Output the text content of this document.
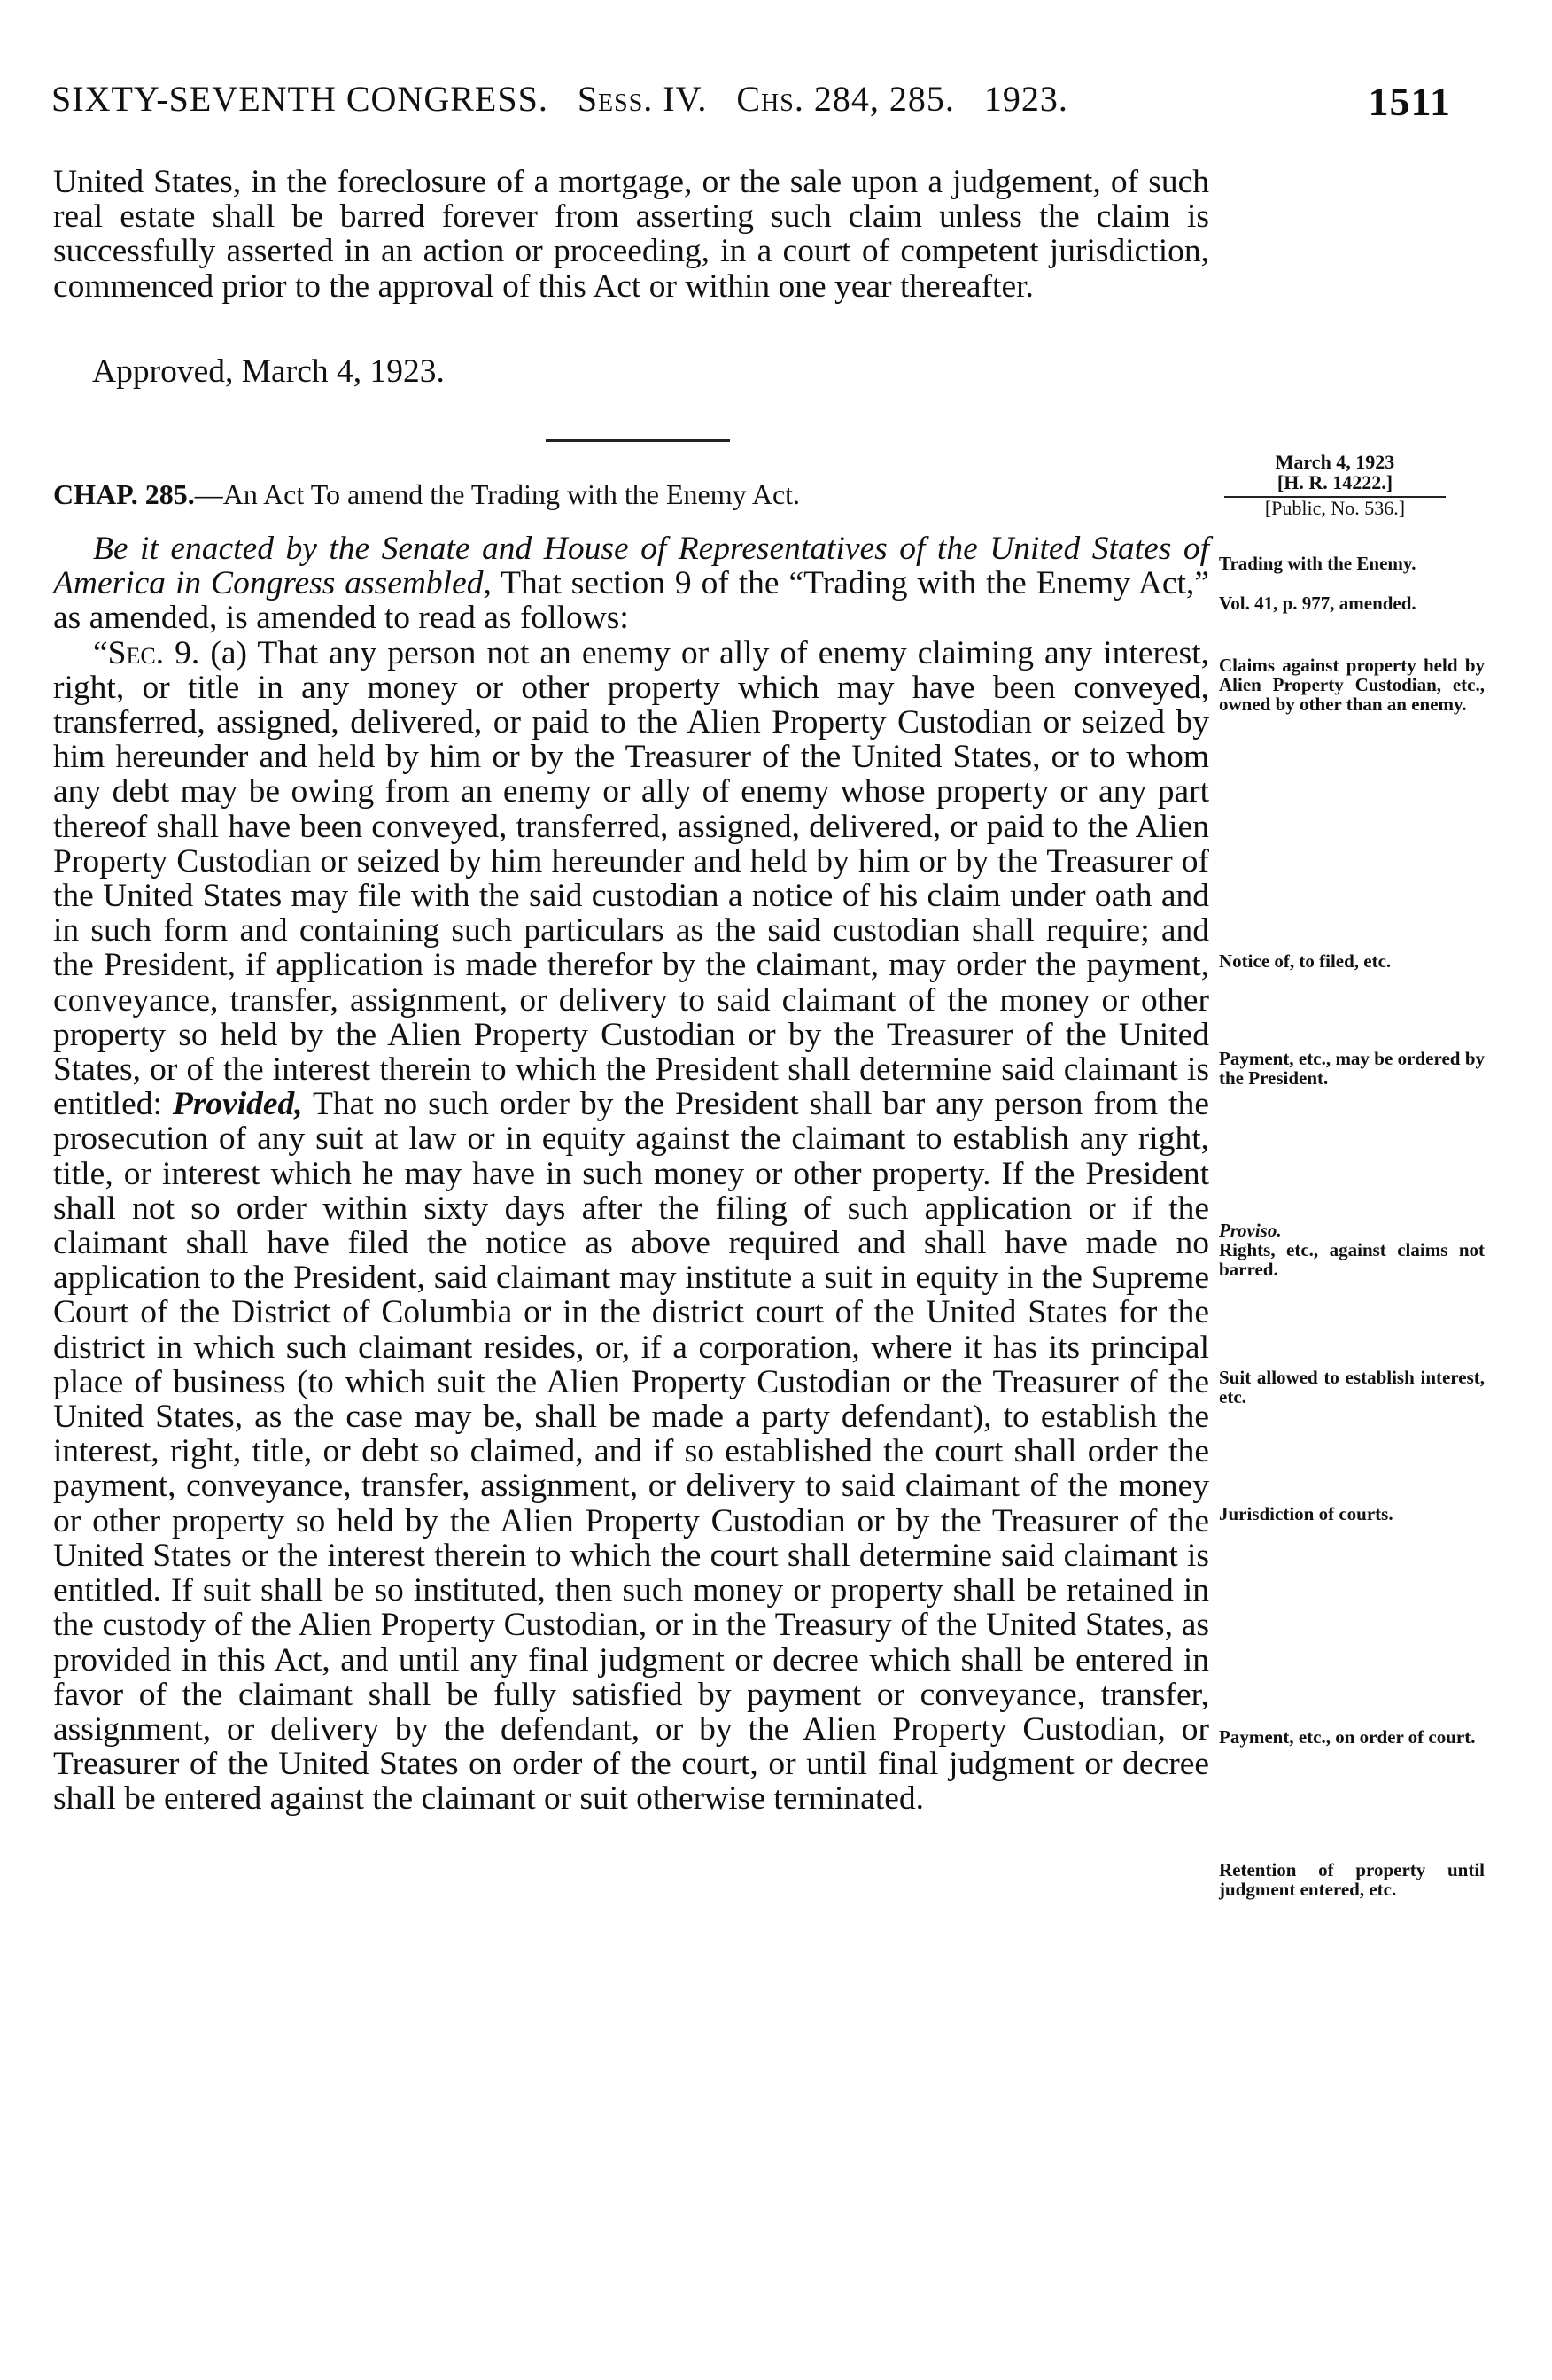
SIXTY-SEVENTH CONGRESS. Sess. IV. Chs. 284, 285. 1923.	1511
United States, in the foreclosure of a mortgage, or the sale upon a judgement, of such real estate shall be barred forever from asserting such claim unless the claim is successfully asserted in an action or proceeding, in a court of competent jurisdiction, commenced prior to the approval of this Act or within one year thereafter.
Approved, March 4, 1923.
CHAP. 285.—An Act To amend the Trading with the Enemy Act.
March 4, 1923
[H. R. 14222.]
[Public, No. 536.]

Be it enacted by the Senate and House of Representatives of the United States of America in Congress assembled, That section 9 of the “Trading with the Enemy Act,” as amended, is amended to read as follows:

“Sec. 9. (a) That any person not an enemy or ally of enemy claiming any interest, right, or title in any money or other property which may have been conveyed, transferred, assigned, delivered, or paid to the Alien Property Custodian or seized by him hereunder and held by him or by the Treasurer of the United States, or to whom any debt may be owing from an enemy or ally of enemy whose property or any part thereof shall have been conveyed, transferred, assigned, delivered, or paid to the Alien Property Custodian or seized by him hereunder and held by him or by the Treasurer of the United States may file with the said custodian a notice of his claim under oath and in such form and containing such particulars as the said custodian shall require; and the President, if application is made therefor by the claimant, may order the payment, conveyance, transfer, assignment, or delivery to said claimant of the money or other property so held by the Alien Property Custodian or by the Treasurer of the United States, or of the interest therein to which the President shall determine said claimant is entitled: Provided, That no such order by the President shall bar any person from the prosecution of any suit at law or in equity against the claimant to establish any right, title, or interest which he may have in such money or other property. If the President shall not so order within sixty days after the filing of such application or if the claimant shall have filed the notice as above required and shall have made no application to the President, said claimant may institute a suit in equity in the Supreme Court of the District of Columbia or in the district court of the United States for the district in which such claimant resides, or, if a corporation, where it has its principal place of business (to which suit the Alien Property Custodian or the Treasurer of the United States, as the case may be, shall be made a party defendant), to establish the interest, right, title, or debt so claimed, and if so established the court shall order the payment, conveyance, transfer, assignment, or delivery to said claimant of the money or other property so held by the Alien Property Custodian or by the Treasurer of the United States or the interest therein to which the court shall determine said claimant is entitled. If suit shall be so instituted, then such money or property shall be retained in the custody of the Alien Property Custodian, or in the Treasury of the United States, as provided in this Act, and until any final judgment or decree which shall be entered in favor of the claimant shall be fully satisfied by payment or conveyance, transfer, assignment, or delivery by the defendant, or by the Alien Property Custodian, or Treasurer of the United States on order of the court, or until final judgment or decree shall be entered against the claimant or suit otherwise terminated.

Trading with the Enemy.
Vol. 41, p. 977, amended.
Claims against property held by Alien Property Custodian, etc., owned by other than an enemy.
Notice of, to filed, etc.
Payment, etc., may be ordered by the President.
Proviso.
Rights, etc., against claims not barred.
Suit allowed to establish interest, etc.
Jurisdiction of courts.
Payment, etc., on order of court.
Retention of property until judgment entered, etc.
